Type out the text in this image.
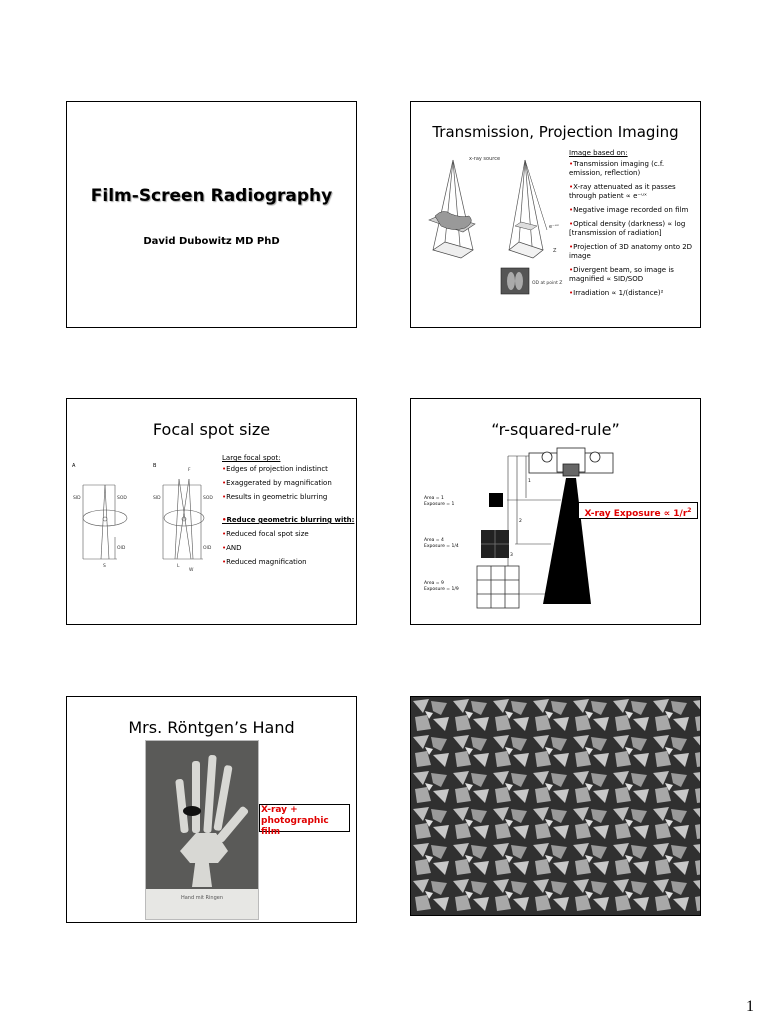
Film-Screen Radiography
David Dubowitz MD PhD
Transmission, Projection Imaging
x-ray source
e⁻ᵘˣ
Z
OD at point Z
Image based on:
•Transmission imaging (c.f. emission, reflection)
•X-ray attenuated as it passes through patient ∝ e⁻ᵘˣ
•Negative image recorded on film
•Optical density (darkness) ∝ log [transmission of radiation]
•Projection of 3D anatomy onto 2D image
•Divergent beam, so image is magnified ∝ SID/SOD
•Irradiation ∝ 1/(distance)²
Focal spot size
A	B
SID	SOD
OID
S
F
SID	SOD
OID
L
W
Large focal spot:
•Edges of projection indistinct
•Exaggerated by magnification
•Results in geometric blurring
•Reduce geometric blurring with:
•Reduced focal spot size
•AND
•Reduced magnification
“r-squared-rule”
1
2
3
Area = 1
Exposure = 1
Area = 4
Exposure = 1/4
Area = 9
Exposure = 1/9
X-ray Exposure ∝ $1/r^2$
Mrs. Röntgen’s Hand
Hand mit Ringen
X-ray + photographic film
1
